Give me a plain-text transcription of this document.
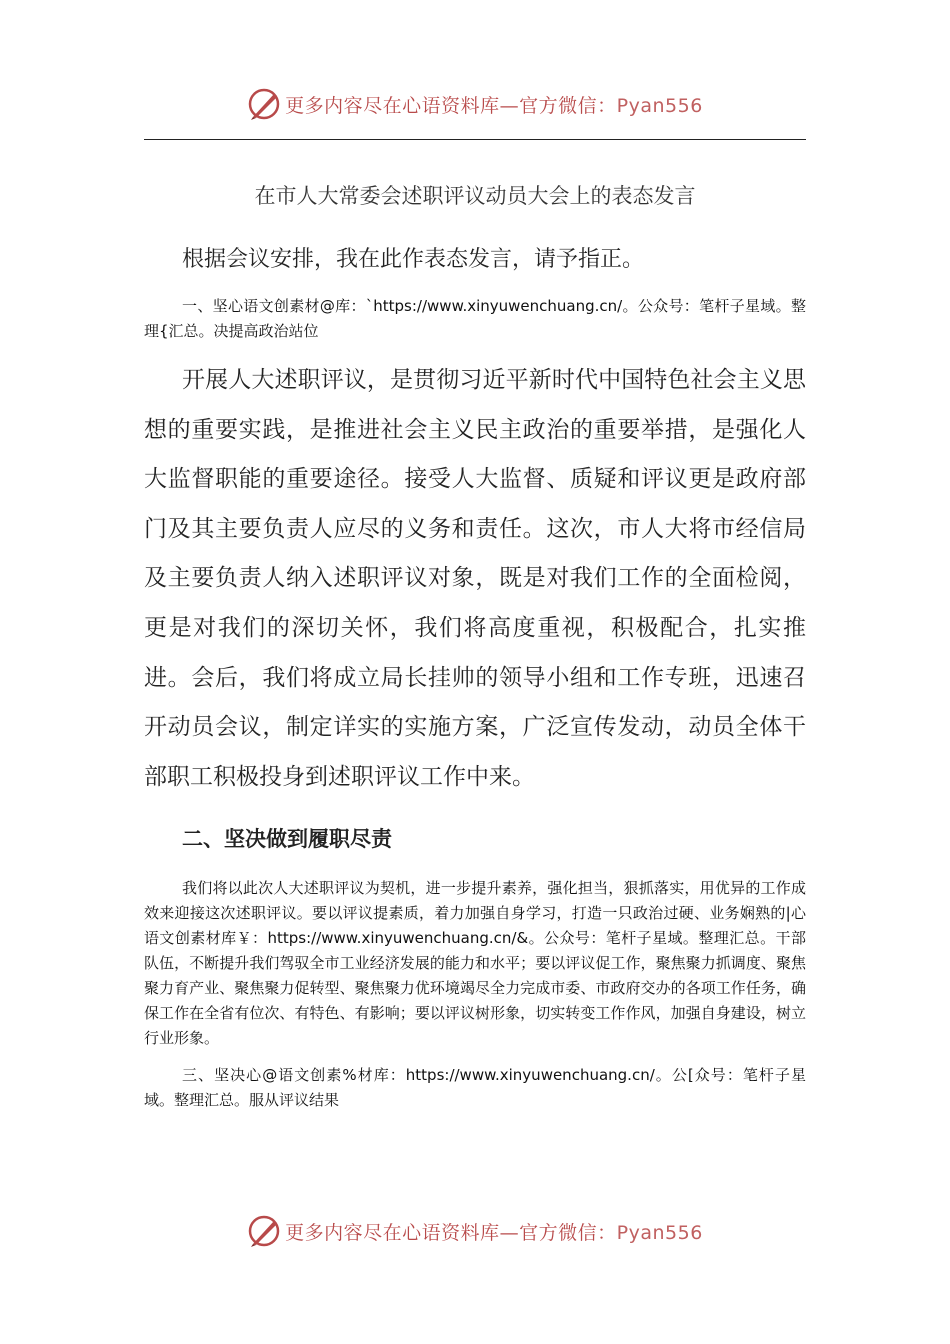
更多内容尽在心语资料库—官方微信：Pyan556
在市人大常委会述职评议动员大会上的表态发言
根据会议安排，我在此作表态发言，请予指正。
一、坚心语文创素材@库：`https://www.xinyuwenchuang.cn/。公众号：笔杆子星域。整理{汇总。决提高政治站位
开展人大述职评议，是贯彻习近平新时代中国特色社会主义思想的重要实践，是推进社会主义民主政治的重要举措，是强化人大监督职能的重要途径。接受人大监督、质疑和评议更是政府部门及其主要负责人应尽的义务和责任。这次，市人大将市经信局及主要负责人纳入述职评议对象，既是对我们工作的全面检阅，更是对我们的深切关怀，我们将高度重视，积极配合，扎实推进。会后，我们将成立局长挂帅的领导小组和工作专班，迅速召开动员会议，制定详实的实施方案，广泛宣传发动，动员全体干部职工积极投身到述职评议工作中来。
二、坚决做到履职尽责
我们将以此次人大述职评议为契机，进一步提升素养，强化担当，狠抓落实，用优异的工作成效来迎接这次述职评议。要以评议提素质，着力加强自身学习，打造一只政治过硬、业务娴熟的|心语文创素材库￥：https://www.xinyuwenchuang.cn/&。公众号：笔杆子星域。整理汇总。干部队伍，不断提升我们驾驭全市工业经济发展的能力和水平；要以评议促工作，聚焦聚力抓调度、聚焦聚力育产业、聚焦聚力促转型、聚焦聚力优环境竭尽全力完成市委、市政府交办的各项工作任务，确保工作在全省有位次、有特色、有影响；要以评议树形象，切实转变工作作风，加强自身建设，树立行业形象。
三、坚决心@语文创素%材库：https://www.xinyuwenchuang.cn/。公[众号：笔杆子星域。整理汇总。服从评议结果
更多内容尽在心语资料库—官方微信：Pyan556
